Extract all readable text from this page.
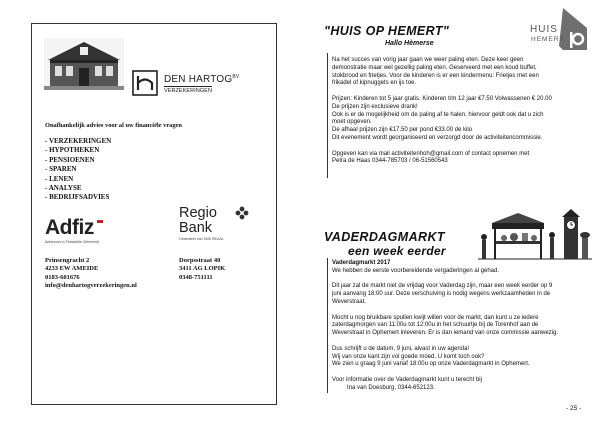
DEN $HARTOG^{BV}$
VERZEKERINGEN
Onafhankelijk advies voor al uw financiële vragen
- VERZEKERINGEN
- HYPOTHEKEN
- PENSIOENEN
- SPAREN
- LENEN
- ANALYSE
- BEDRIJFSADVIES
Adfiz
Adviseurs in Financiële Zekerheid
Regio
Bank
Onderdeel van SNS REAAL
Prinsengracht 2
4233 EW AMEIDE
0183-601676
info@denhartogverzekeringen.nl
Dorpsstraat 40
3411 AG LOPIK
0348-751111
"HUIS OP HEMERT"
Hallo Hèmerse
HUIS
HEMERT
Na het succes van vorig jaar gaan we weer paling eten. Deze keer geen
demonstratie maar wel gezellig paling eten. Geserveerd met een koud buffet,
stokbrood en frietjes. Voor de kinderen is er een kindermenu: Frietjes met een
frikadel of kipnuggets en ijs toe.
Prijzen: Kinderen tot 5 jaar gratis. Kinderen t/m 12 jaar €7.50 Volwassenen € 20.00
De prijzen zijn exclusieve drank!
Ook is er de mogelijkheid om de paling af te halen, hiervoor geldt ook dat u zich
moet opgeven.
De afhaal prijzen zijn €17.50 per pond €33.00 de kilo
Dit evenement wordt georganiseerd en verzorgd door de activiteitencommissie.
Opgeven kan via mail activiteitenhoh@gmail.com of contact opnemen met
Petra de Haas 0344-785703 / 06-51560543
VADERDAGMARKT
een week eerder
Vaderdagmarkt 2017
We hebben de eerste voorbereidende vergaderingen al gehad.
Dit jaar zal de markt niet de vrijdag voor Vaderdag zijn, maar een week eerder op 9
juni aanvang 18:00 uur. Deze verschuiving is nodig wegens werkzaamheden in de
Weverstraat.
Mocht u nog bruikbare spullen kwijt willen voor de markt, dan kunt u ze iedere
zaterdagmorgen van 11:00u tot 12:00u in het schuurtje bij de Torenhof aan de
Weverstraat in Ophemert inleveren. Er is dan iemand van onze commissie aanwezig.
Dus schrijft u de datum, 9 juni, alvast in uw agenda!
Wij van onze kant zijn vol goede moed. U komt toch ook?
We zien u graag 9 juni vanaf 18:00u op onze Vaderdagmarkt in Ophemert.
Voor informatie over de Vaderdagmarkt kunt u terecht bij
Ina van Doesburg, 0344-652123.
- 25 -
